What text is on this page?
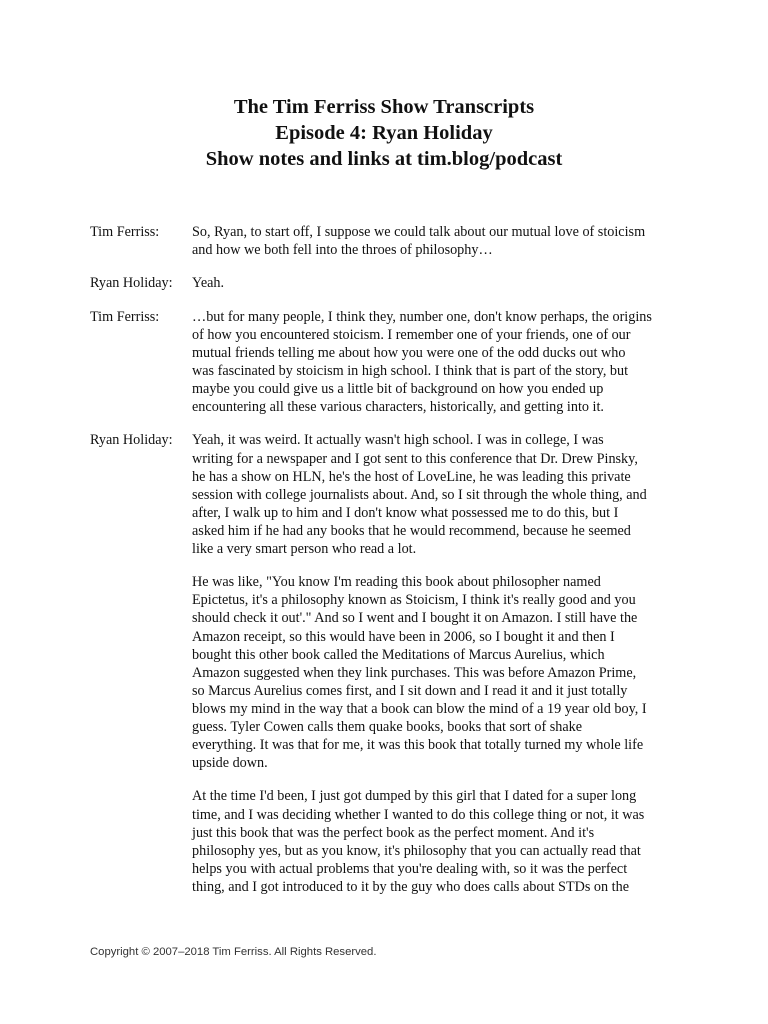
The Tim Ferriss Show Transcripts
Episode 4: Ryan Holiday
Show notes and links at tim.blog/podcast
Tim Ferriss:	So, Ryan, to start off, I suppose we could talk about our mutual love of stoicism
and how we both fell into the throes of philosophy…
Ryan Holiday:	Yeah.
Tim Ferriss:	…but for many people, I think they, number one, don't know perhaps, the origins
of how you encountered stoicism. I remember one of your friends, one of our
mutual friends telling me about how you were one of the odd ducks out who
was fascinated by stoicism in high school. I think that is part of the story, but
maybe you could give us a little bit of background on how you ended up
encountering all these various characters, historically, and getting into it.
Ryan Holiday:	Yeah, it was weird. It actually wasn't high school. I was in college, I was
writing for a newspaper and I got sent to this conference that Dr. Drew Pinsky,
he has a show on HLN, he's the host of LoveLine, he was leading this private
session with college journalists about. And, so I sit through the whole thing, and
after, I walk up to him and I don't know what possessed me to do this, but I
asked him if he had any books that he would recommend, because he seemed
like a very smart person who read a lot.
He was like, "You know I'm reading this book about philosopher named
Epictetus, it's a philosophy known as Stoicism, I think it's really good and you
should check it out'." And so I went and I bought it on Amazon. I still have the
Amazon receipt, so this would have been in 2006, so I bought it and then I
bought this other book called the Meditations of Marcus Aurelius, which
Amazon suggested when they link purchases. This was before Amazon Prime,
so Marcus Aurelius comes first, and I sit down and I read it and it just totally
blows my mind in the way that a book can blow the mind of a 19 year old boy, I
guess. Tyler Cowen calls them quake books, books that sort of shake
everything. It was that for me, it was this book that totally turned my whole life
upside down.
At the time I'd been, I just got dumped by this girl that I dated for a super long
time, and I was deciding whether I wanted to do this college thing or not, it was
just this book that was the perfect book as the perfect moment. And it's
philosophy yes, but as you know, it's philosophy that you can actually read that
helps you with actual problems that you're dealing with, so it was the perfect
thing, and I got introduced to it by the guy who does calls about STDs on the
Copyright © 2007–2018 Tim Ferriss. All Rights Reserved.
